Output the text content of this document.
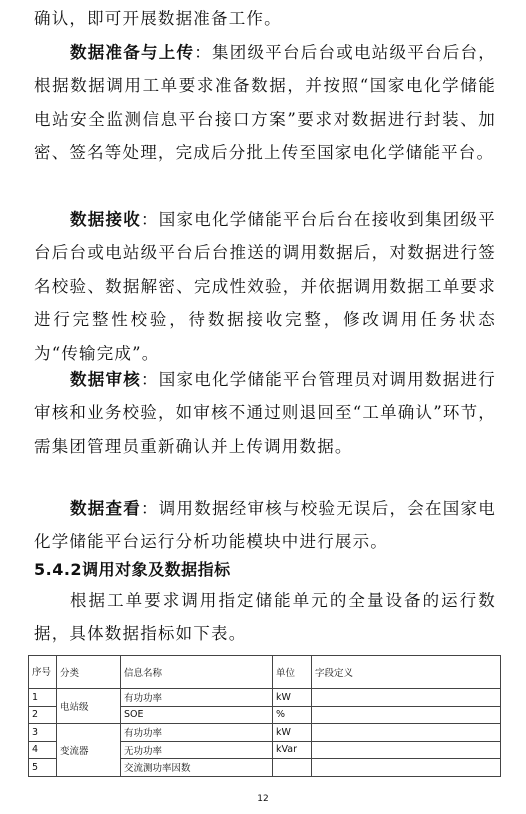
确认，即可开展数据准备工作。

数据准备与上传：集团级平台后台或电站级平台后台，根据数据调用工单要求准备数据，并按照“国家电化学储能电站安全监测信息平台接口方案”要求对数据进行封装、加密、签名等处理，完成后分批上传至国家电化学储能平台。

数据接收：国家电化学储能平台后台在接收到集团级平台后台或电站级平台后台推送的调用数据后，对数据进行签名校验、数据解密、完成性效验，并依据调用数据工单要求进行完整性校验，待数据接收完整，修改调用任务状态为“传输完成”。

数据审核：国家电化学储能平台管理员对调用数据进行审核和业务校验，如审核不通过则退回至“工单确认”环节，需集团管理员重新确认并上传调用数据。

数据查看：调用数据经审核与校验无误后，会在国家电化学储能平台运行分析功能模块中进行展示。

5.4.2调用对象及数据指标

根据工单要求调用指定储能单元的全量设备的运行数据，具体数据指标如下表。

序号	分类	信息名称	单位	字段定义
1	电站级	有功功率	kW	
2		SOE	%	
3	变流器	有功功率	kW	
4		无功功率	kVar	
5		交流测功率因数		
12
